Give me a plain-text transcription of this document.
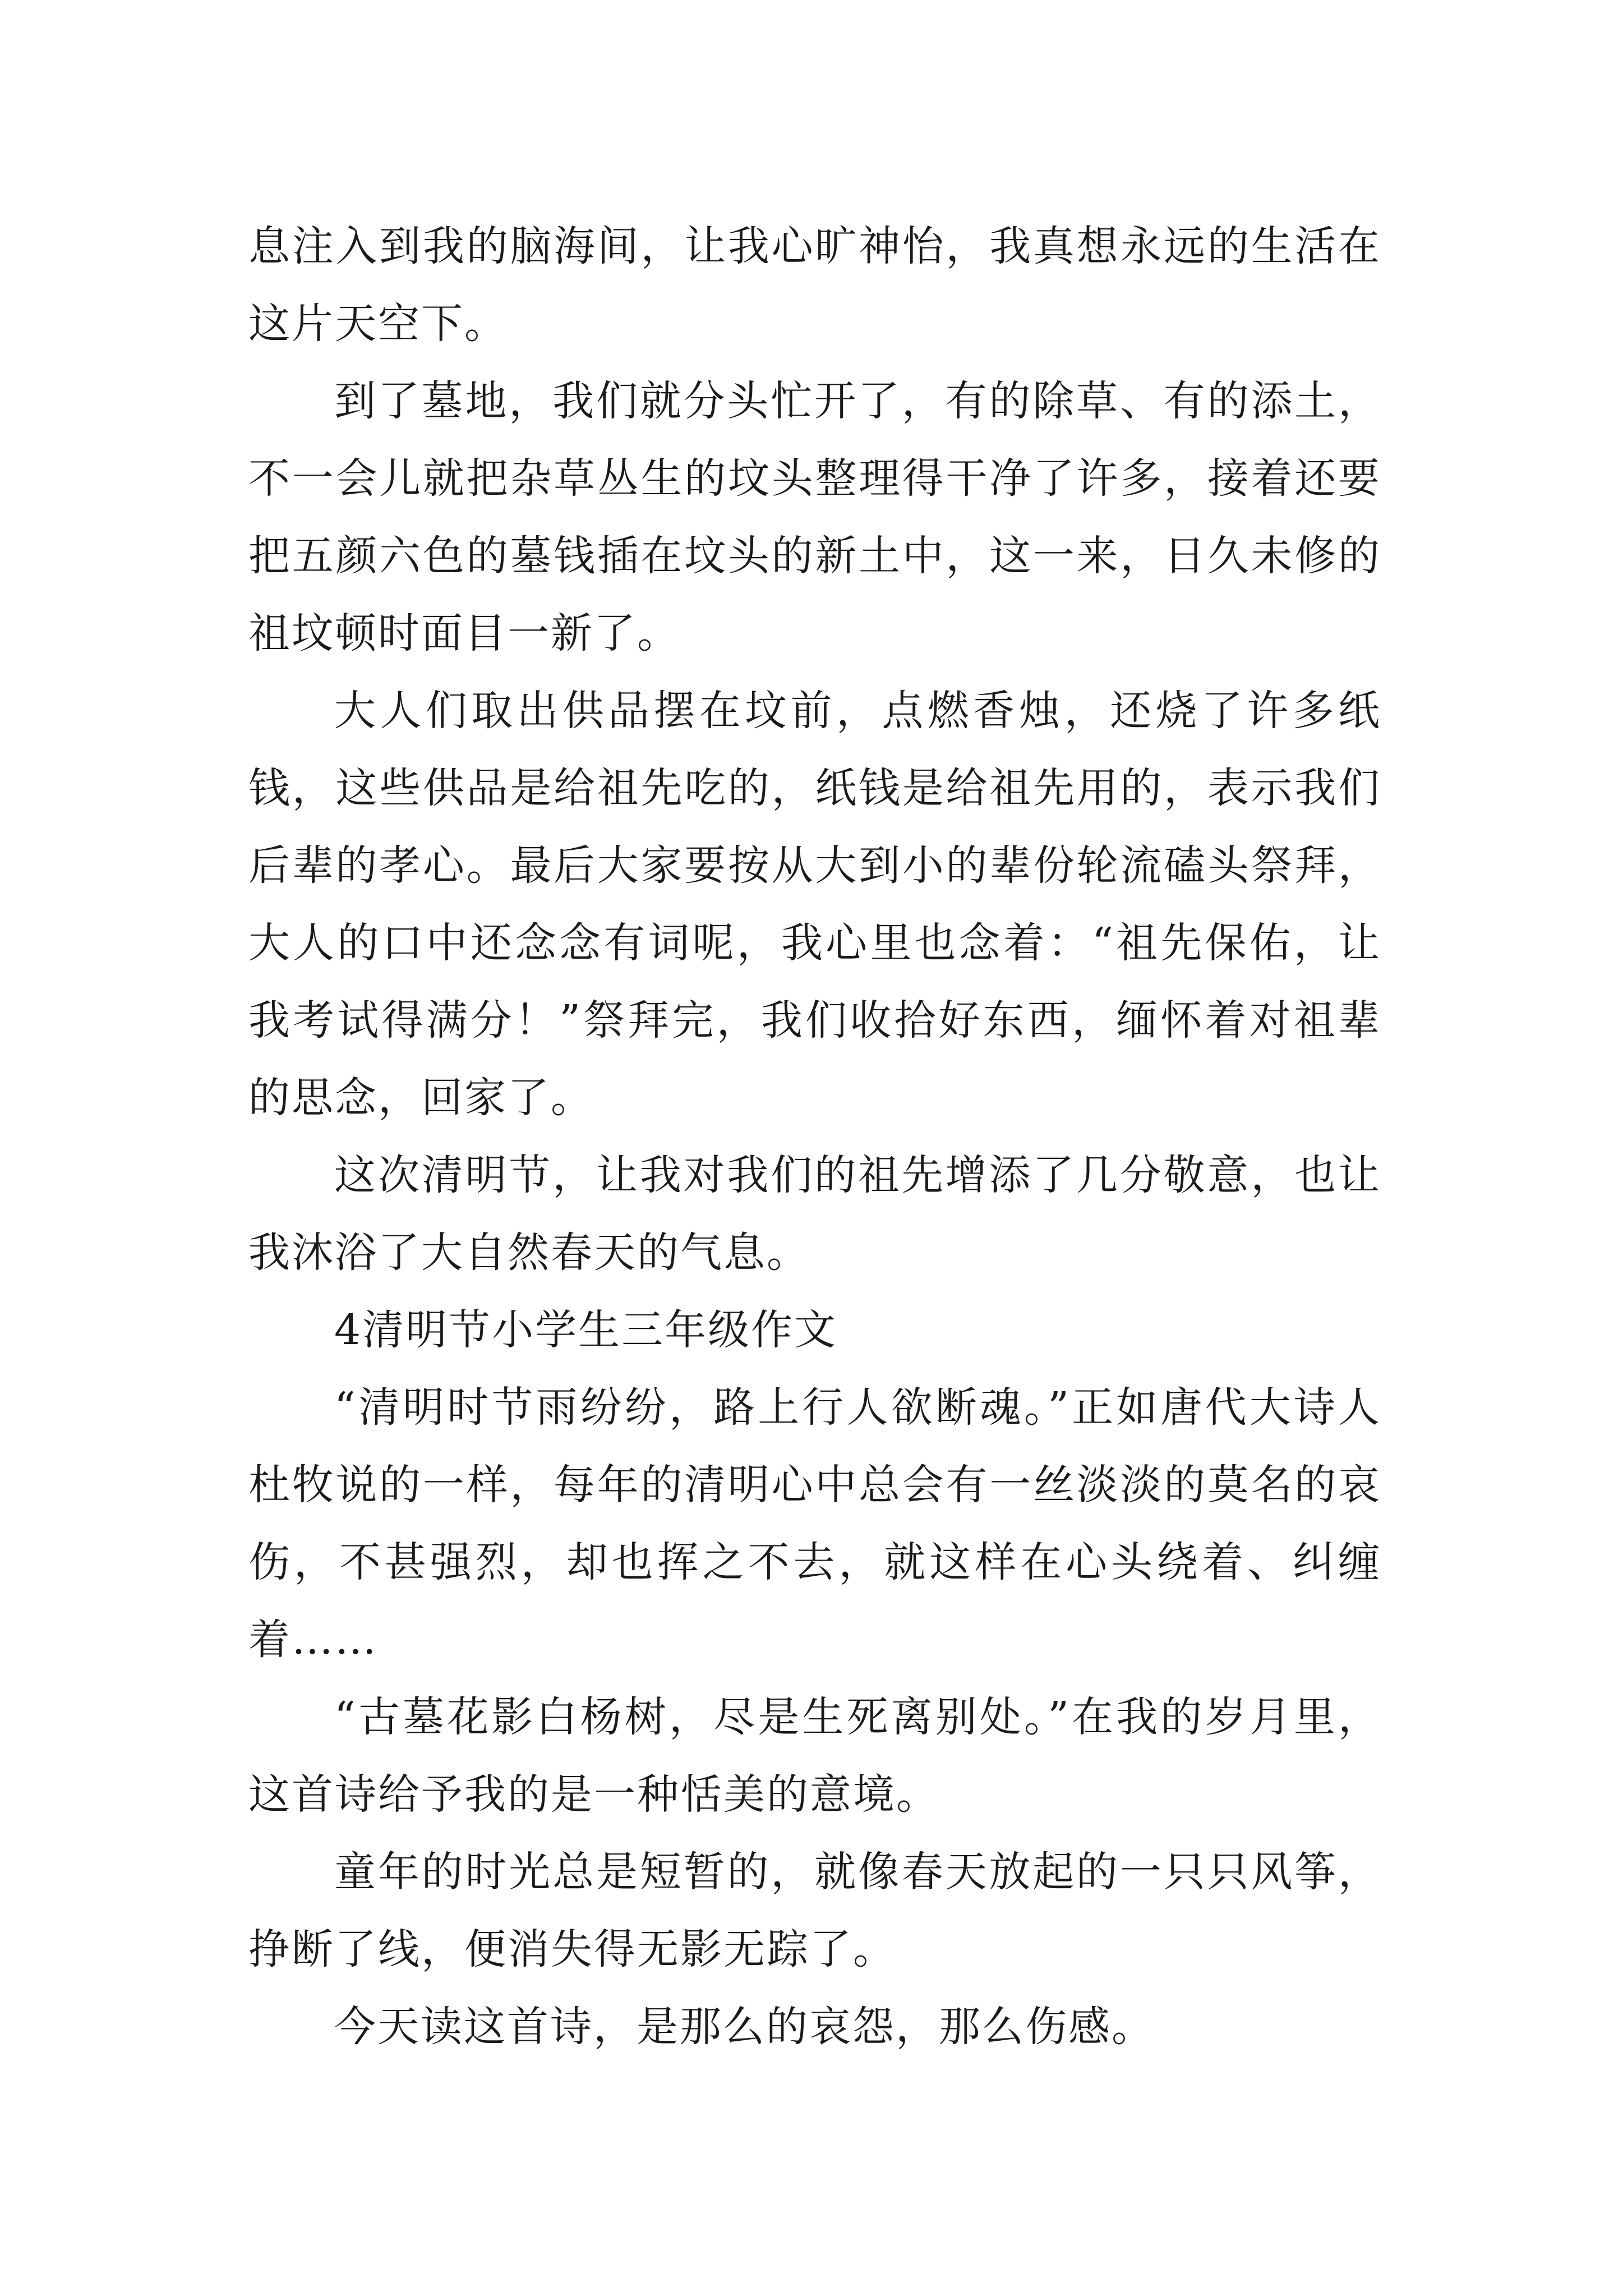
息注入到我的脑海间，让我心旷神怡，我真想永远的生活在这片天空下。

到了墓地，我们就分头忙开了，有的除草、有的添土，不一会儿就把杂草丛生的坟头整理得干净了许多，接着还要把五颜六色的墓钱插在坟头的新土中，这一来，日久未修的祖坟顿时面目一新了。

大人们取出供品摆在坟前，点燃香烛，还烧了许多纸钱，这些供品是给祖先吃的，纸钱是给祖先用的，表示我们后辈的孝心。最后大家要按从大到小的辈份轮流磕头祭拜，大人的口中还念念有词呢，我心里也念着：“祖先保佑，让我考试得满分！”祭拜完，我们收拾好东西，缅怀着对祖辈的思念，回家了。

这次清明节，让我对我们的祖先增添了几分敬意，也让我沐浴了大自然春天的气息。

4清明节小学生三年级作文

“清明时节雨纷纷，路上行人欲断魂。”正如唐代大诗人杜牧说的一样，每年的清明心中总会有一丝淡淡的莫名的哀伤，不甚强烈，却也挥之不去，就这样在心头绕着、纠缠着……

“古墓花影白杨树，尽是生死离别处。”在我的岁月里，这首诗给予我的是一种恬美的意境。

童年的时光总是短暂的，就像春天放起的一只只风筝，挣断了线，便消失得无影无踪了。

今天读这首诗，是那么的哀怨，那么伤感。
